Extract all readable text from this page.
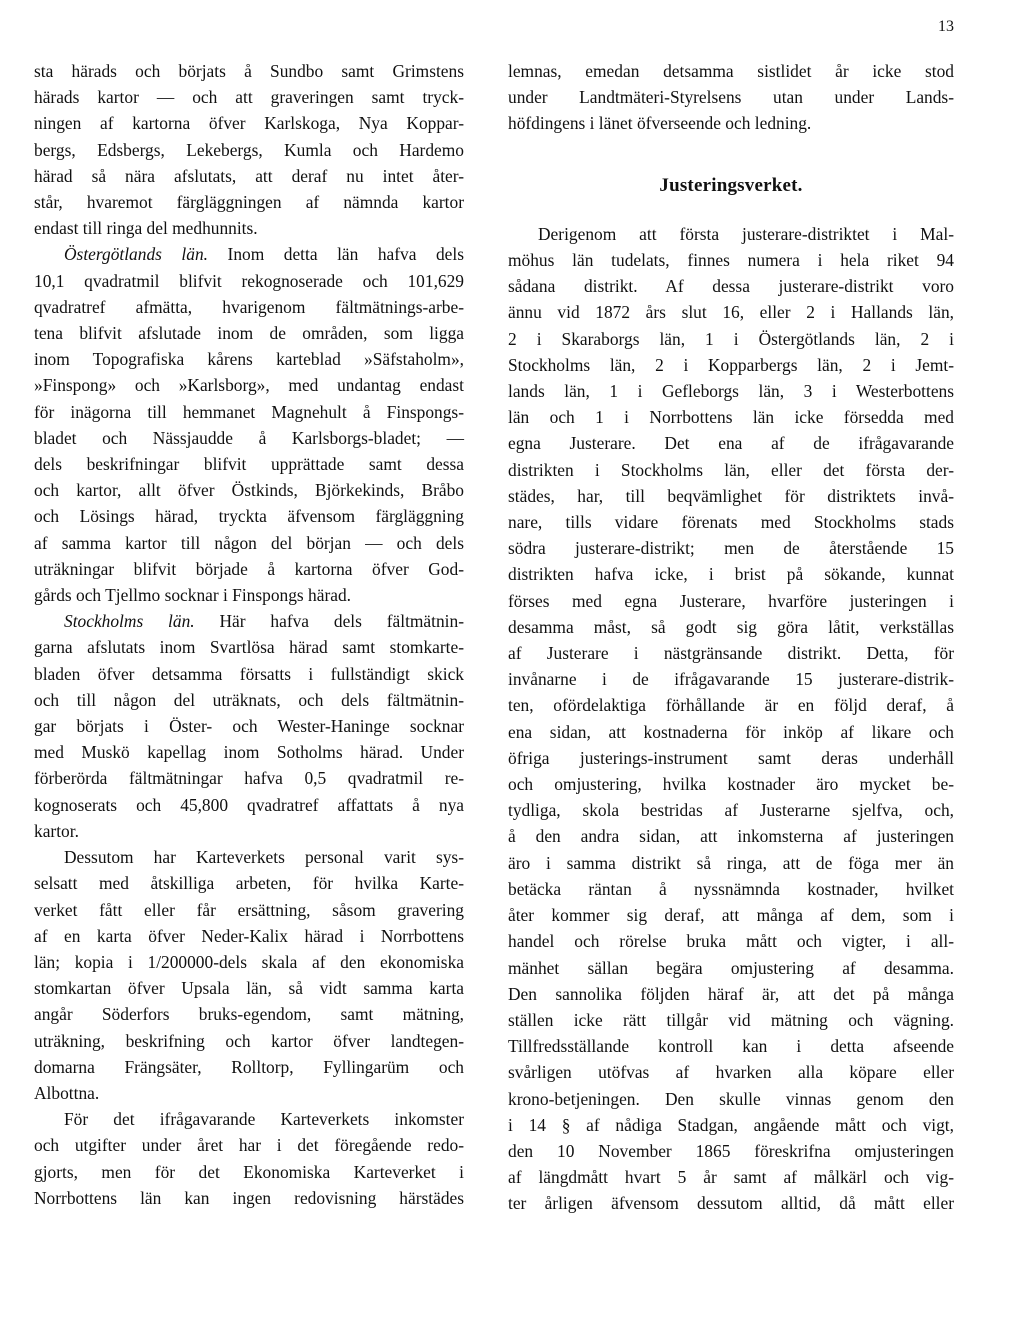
13

sta härads och börjats å Sundbo samt Grimstens
härads kartor — och att graveringen samt tryck-
ningen af kartorna öfver Karlskoga, Nya Koppar-
bergs, Edsbergs, Lekebergs, Kumla och Hardemo
härad så nära afslutats, att deraf nu intet åter-
står, hvaremot färgläggningen af nämnda kartor
endast till ringa del medhunnits.

Östergötlands län. Inom detta län hafva dels
10,1 qvadratmil blifvit rekognoserade och 101,629
qvadratref afmätta, hvarigenom fältmätnings-arbe-
tena blifvit afslutade inom de områden, som ligga
inom Topografiska kårens karteblad »Säfstaholm»,
»Finspong» och »Karlsborg», med undantag endast
för inägorna till hemmanet Magnehult å Finspongs-
bladet och Nässjaudde å Karlsborgs-bladet; —
dels beskrifningar blifvit upprättade samt dessa
och kartor, allt öfver Östkinds, Björkekinds, Bråbo
och Lösings härad, tryckta äfvensom färgläggning
af samma kartor till någon del början — och dels
uträkningar blifvit började å kartorna öfver God-
gårds och Tjellmo socknar i Finspongs härad.

Stockholms län. Här hafva dels fältmätnin-
garna afslutats inom Svartlösa härad samt stomkarte-
bladen öfver detsamma försatts i fullständigt skick
och till någon del uträknats, och dels fältmätnin-
gar börjats i Öster- och Wester-Haninge socknar
med Muskö kapellag inom Sotholms härad. Under
förberörda fältmätningar hafva 0,5 qvadratmil re-
kognoserats och 45,800 qvadratref affattats å nya
kartor.

Dessutom har Karteverkets personal varit sys-
selsatt med åtskilliga arbeten, för hvilka Karte-
verket fått eller får ersättning, såsom gravering
af en karta öfver Neder-Kalix härad i Norrbottens
län; kopia i 1/200000-dels skala af den ekonomiska
stomkartan öfver Upsala län, så vidt samma karta
angår Söderfors bruks-egendom, samt mätning,
uträkning, beskrifning och kartor öfver landtegen-
domarna Frängsäter, Rolltorp, Fyllingarüm och
Albottna.

För det ifrågavarande Karteverkets inkomster
och utgifter under året har i det föregående redo-
gjorts, men för det Ekonomiska Karteverket i
Norrbottens län kan ingen redovisning härstädes

lemnas, emedan detsamma sistlidet år icke stod
under Landtmäteri-Styrelsens utan under Lands-
höfdingens i länet öfverseende och ledning.

Justeringsverket.

Derigenom att första justerare-distriktet i Mal-
möhus län tudelats, finnes numera i hela riket 94
sådana distrikt. Af dessa justerare-distrikt voro
ännu vid 1872 års slut 16, eller 2 i Hallands län,
2 i Skaraborgs län, 1 i Östergötlands län, 2 i
Stockholms län, 2 i Kopparbergs län, 2 i Jemt-
lands län, 1 i Gefleborgs län, 3 i Westerbottens
län och 1 i Norrbottens län icke försedda med
egna Justerare. Det ena af de ifrågavarande
distrikten i Stockholms län, eller det första der-
städes, har, till beqvämlighet för distriktets invå-
nare, tills vidare förenats med Stockholms stads
södra justerare-distrikt; men de återstående 15
distrikten hafva icke, i brist på sökande, kunnat
förses med egna Justerare, hvarföre justeringen i
desamma måst, så godt sig göra låtit, verkställas
af Justerare i nästgränsande distrikt. Detta, för
invånarne i de ifrågavarande 15 justerare-distrik-
ten, ofördelaktiga förhållande är en följd deraf, å
ena sidan, att kostnaderna för inköp af likare och
öfriga justerings-instrument samt deras underhåll
och omjustering, hvilka kostnader äro mycket be-
tydliga, skola bestridas af Justerarne sjelfva, och,
å den andra sidan, att inkomsterna af justeringen
äro i samma distrikt så ringa, att de föga mer än
betäcka räntan å nyssnämnda kostnader, hvilket
åter kommer sig deraf, att många af dem, som i
handel och rörelse bruka mått och vigter, i all-
mänhet sällan begära omjustering af desamma.
Den sannolika följden häraf är, att det på många
ställen icke rätt tillgår vid mätning och vägning.
Tillfredsställande kontroll kan i detta afseende
svårligen utöfvas af hvarken alla köpare eller
krono-betjeningen. Den skulle vinnas genom den
i 14 § af nådiga Stadgan, angående mått och vigt,
den 10 November 1865 föreskrifna omjusteringen
af längdmått hvart 5 år samt af målkärl och vig-
ter årligen äfvensom dessutom alltid, då mått eller
